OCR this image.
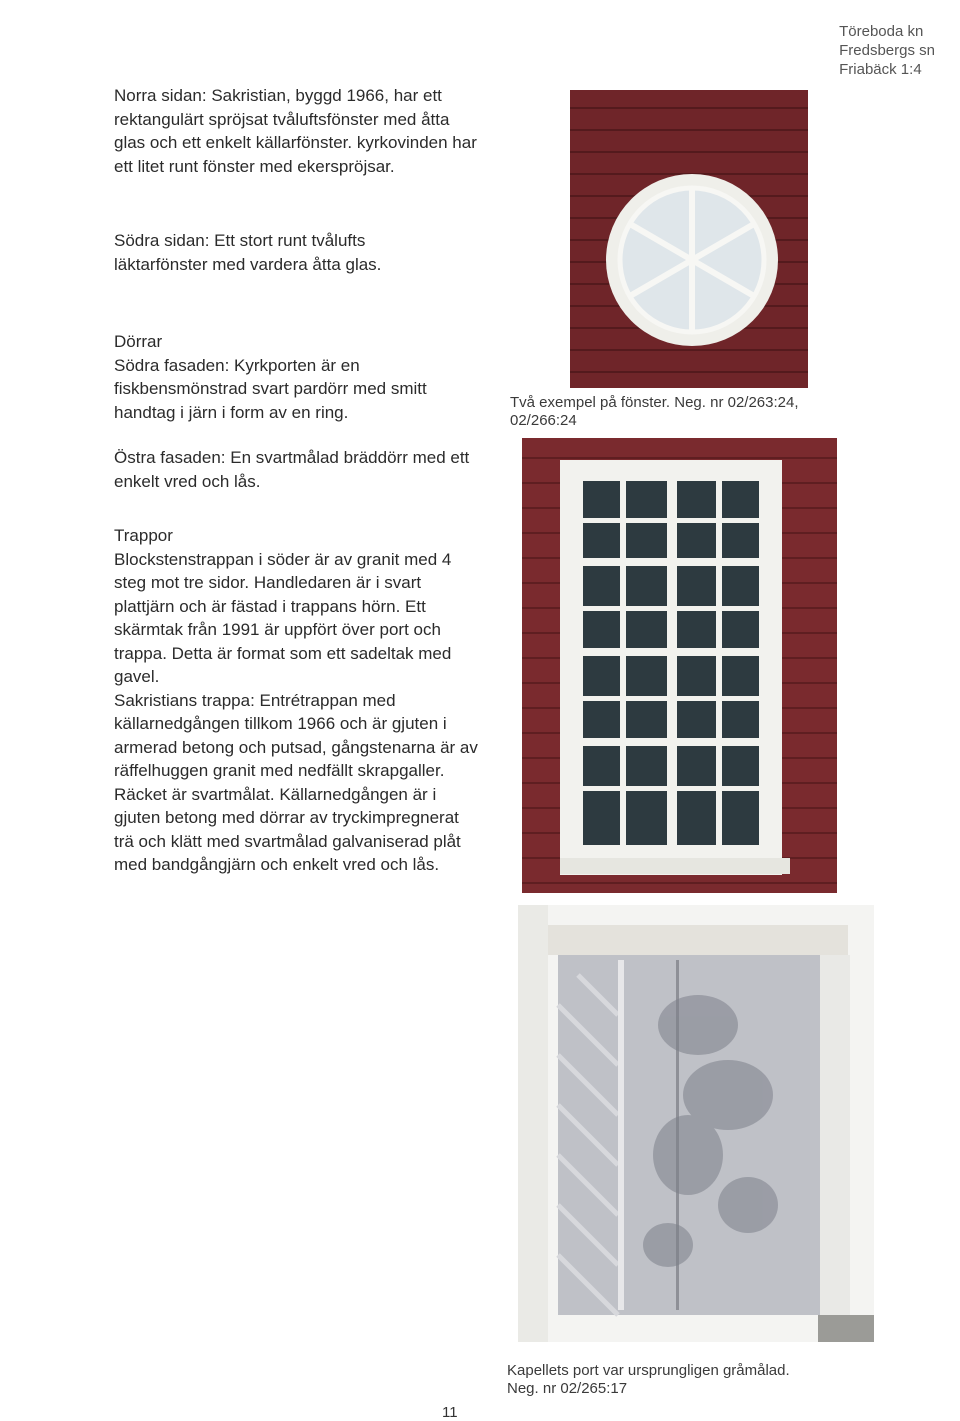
Töreboda kn
Fredsbergs sn
Friabäck 1:4

Norra sidan: Sakristian, byggd 1966, har ett rektangulärt spröjsat tvåluftsfönster med åtta glas och ett enkelt källarfönster. kyrkovinden har ett litet runt fönster med ekerspröjsar.

Södra sidan: Ett stort runt tvålufts läktarfönster med vardera åtta glas.

Dörrar

Södra fasaden: Kyrkporten är en fiskbensmönstrad svart pardörr med smitt handtag i järn i form av en ring.

Östra fasaden: En svartmålad bräddörr med ett enkelt vred och lås.

Trappor

Blockstenstrappan i söder är av granit med 4 steg mot tre sidor. Handledaren är i svart plattjärn och är fästad i trappans hörn. Ett skärmtak från 1991 är uppfört över port och trappa. Detta är format som ett sadeltak med gavel.

Sakristians trappa: Entrétrappan med källarnedgången tillkom 1966 och är gjuten i armerad betong och putsad, gångstenarna är av räffelhuggen granit med nedfällt skrapgaller. Räcket är svartmålat. Källarnedgången är i gjuten betong med dörrar av tryckimpregnerat trä och klätt med svartmålad galvaniserad plåt med bandgångjärn och enkelt vred och lås.

Två exempel på fönster. Neg. nr 02/263:24,
02/266:24
Kapellets port var ursprungligen gråmålad.
Neg. nr 02/265:17
11
